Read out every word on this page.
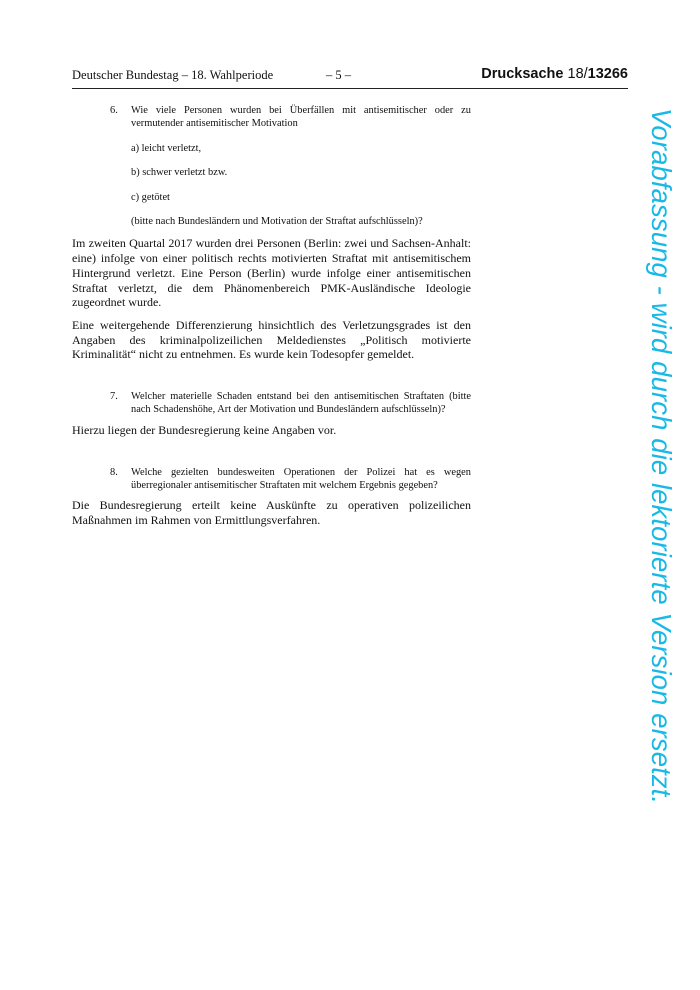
Deutscher Bundestag – 18. Wahlperiode	– 5 –	Drucksache 18/13266
6. Wie viele Personen wurden bei Überfällen mit antisemitischer oder zu vermutender antisemitischer Motivation
a) leicht verletzt,
b) schwer verletzt bzw.
c) getötet
(bitte nach Bundesländern und Motivation der Straftat aufschlüsseln)?

Im zweiten Quartal 2017 wurden drei Personen (Berlin: zwei und Sachsen-Anhalt: eine) infolge von einer politisch rechts motivierten Straftat mit antisemitischem Hintergrund verletzt. Eine Person (Berlin) wurde infolge einer antisemitischen Straftat verletzt, die dem Phänomenbereich PMK-Ausländische Ideologie zugeordnet wurde.

Eine weitergehende Differenzierung hinsichtlich des Verletzungsgrades ist den Angaben des kriminalpolizeilichen Meldedienstes „Politisch motivierte Kriminalität“ nicht zu entnehmen. Es wurde kein Todesopfer gemeldet.

7. Welcher materielle Schaden entstand bei den antisemitischen Straftaten (bitte nach Schadenshöhe, Art der Motivation und Bundesländern aufschlüsseln)?

Hierzu liegen der Bundesregierung keine Angaben vor.

8. Welche gezielten bundesweiten Operationen der Polizei hat es wegen überregionaler antisemitischer Straftaten mit welchem Ergebnis gegeben?

Die Bundesregierung erteilt keine Auskünfte zu operativen polizeilichen Maßnahmen im Rahmen von Ermittlungsverfahren.	Vorabfassung - wird durch die lektorierte Version ersetzt.
